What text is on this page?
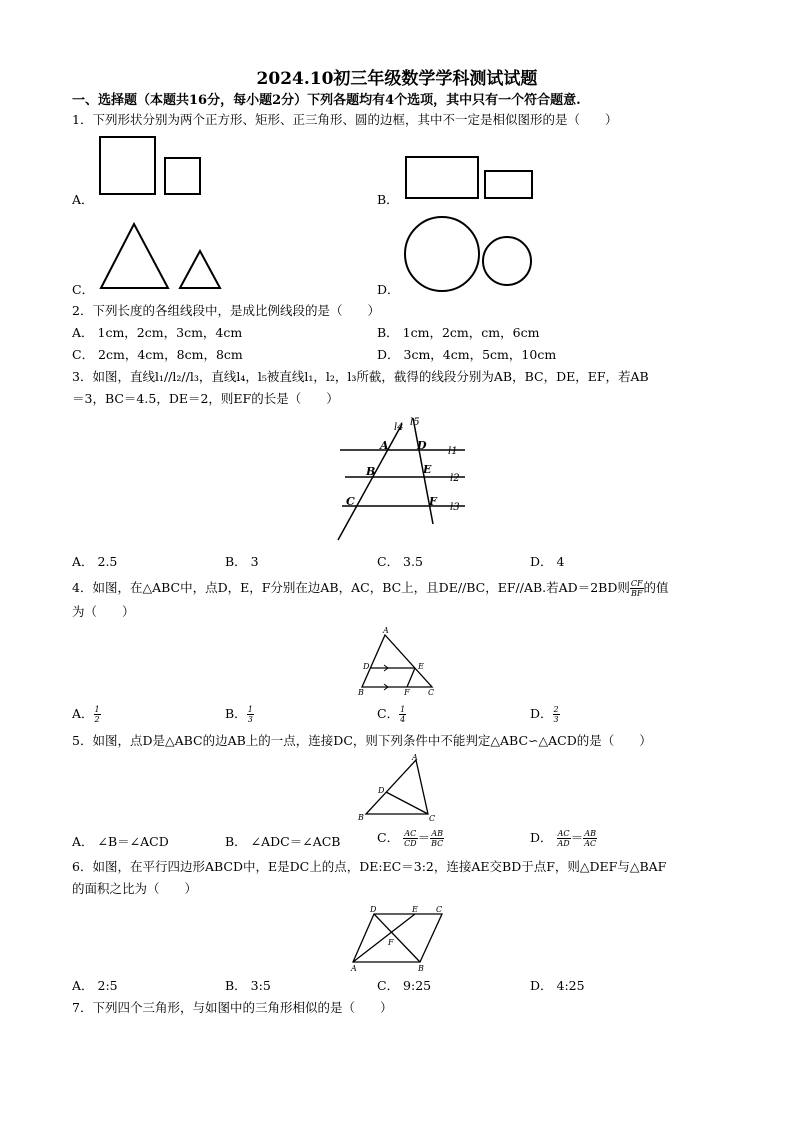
2024.10初三年级数学学科测试试题
一、选择题（本题共16分，每小题2分）下列各题均有4个选项，其中只有一个符合题意.
1．下列形状分别为两个正方形、矩形、正三角形、圆的边框，其中不一定是相似图形的是（　　）
A．	B．
C．	D．
2．下列长度的各组线段中，是成比例线段的是（　　）
A． 1cm，2cm，3cm，4cm	B． 1cm，2cm，cm，6cm
C． 2cm，4cm，8cm，8cm	D． 3cm，4cm，5cm，10cm
3．如图，直线l₁//l₂//l₃，直线l₄，l₅被直线l₁，l₂，l₃所截，截得的线段分别为AB，BC，DE，EF，若AB
＝3，BC＝4.5，DE＝2，则EF的长是（　　）
l4 l5
l1
l2
l3
A	D
B	E
C	F
A． 2.5	B． 3	C． 3.5	D． 4
4．如图，在△ABC中，点D，E，F分别在边AB，AC，BC上，且DE//BC，EF//AB.若AD＝2BD则 $\frac{CF}{BF}$ 的值
为（　　）
A
D	E
B	F C
A． $\frac{1}{2}$	B． $\frac{1}{3}$	C． $\frac{1}{4}$	D． $\frac{2}{3}$
5．如图，点D是△ABC的边AB上的一点，连接DC，则下列条件中不能判定△ABC∽△ACD的是（　　）
A
D
B	C
A． ∠B＝∠ACD	B． ∠ADC＝∠ACB	C． $\frac{AC}{CD} = \frac{AB}{BC}$	D． $\frac{AC}{AD} = \frac{AB}{AC}$
6．如图，在平行四边形ABCD中，E是DC上的点，DE:EC＝3:2，连接AE交BD于点F，则△DEF与△BAF
的面积之比为（　　）
D	E C
F
A	B
A． 2:5	B． 3:5	C． 9:25	D． 4:25
7．下列四个三角形，与如图中的三角形相似的是（　　）
